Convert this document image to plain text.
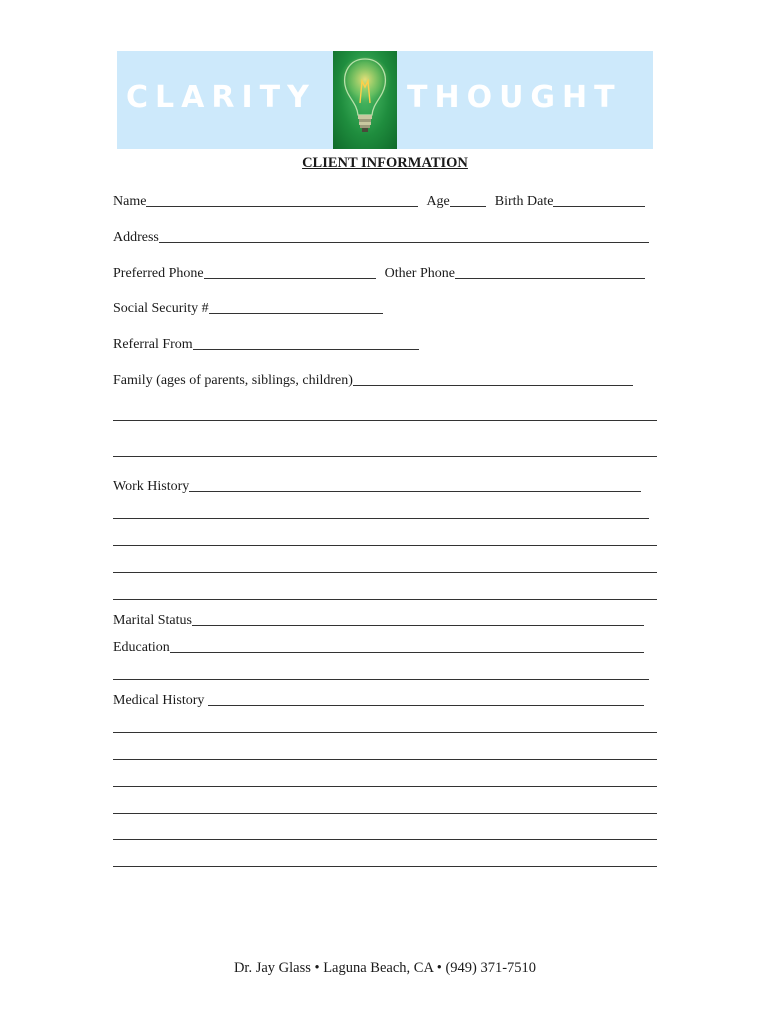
CLARITY	THOUGHT
CLIENT INFORMATION
Name	Age	Birth Date
Address
Preferred Phone	Other Phone
Social Security #
Referral From
Family (ages of parents, siblings, children)
Work History
Marital Status
Education
Medical History
Dr. Jay Glass • Laguna Beach, CA • (949) 371-7510
